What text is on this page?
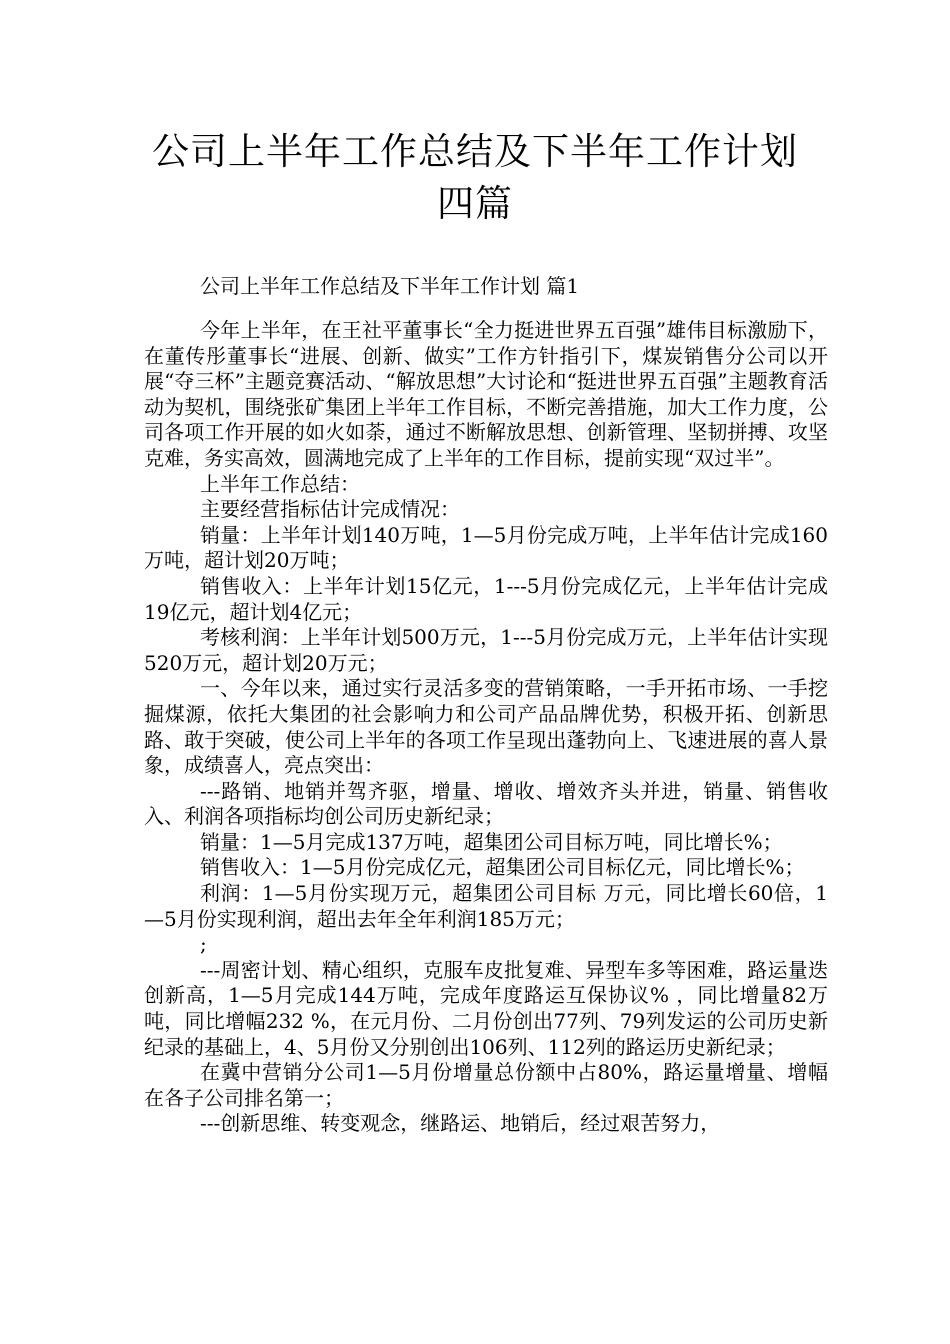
公司上半年工作总结及下半年工作计划四篇
公司上半年工作总结及下半年工作计划 篇1

今年上半年，在王社平董事长“全力挺进世界五百强”雄伟目标激励下，在董传彤董事长“进展、创新、做实”工作方针指引下，煤炭销售分公司以开展“夺三杯”主题竞赛活动、“解放思想”大讨论和“挺进世界五百强”主题教育活动为契机，围绕张矿集团上半年工作目标，不断完善措施，加大工作力度，公司各项工作开展的如火如荼，通过不断解放思想、创新管理、坚韧拼搏、攻坚克难，务实高效，圆满地完成了上半年的工作目标，提前实现“双过半”。

上半年工作总结：

主要经营指标估计完成情况：

销量：上半年计划140万吨，1—5月份完成万吨，上半年估计完成160万吨，超计划20万吨；

销售收入：上半年计划15亿元，1---5月份完成亿元，上半年估计完成19亿元，超计划4亿元；

考核利润：上半年计划500万元，1---5月份完成万元，上半年估计实现520万元，超计划20万元；

一、今年以来，通过实行灵活多变的营销策略，一手开拓市场、一手挖掘煤源，依托大集团的社会影响力和公司产品品牌优势，积极开拓、创新思路、敢于突破，使公司上半年的各项工作呈现出蓬勃向上、飞速进展的喜人景象，成绩喜人，亮点突出：

---路销、地销并驾齐驱，增量、增收、增效齐头并进，销量、销售收入、利润各项指标均创公司历史新纪录；

销量：1—5月完成137万吨，超集团公司目标万吨，同比增长%；

销售收入：1—5月份完成亿元，超集团公司目标亿元，同比增长%；

利润：1—5月份实现万元，超集团公司目标 万元，同比增长60倍，1—5月份实现利润，超出去年全年利润185万元；

;

---周密计划、精心组织，克服车皮批复难、异型车多等困难，路运量迭创新高，1—5月完成144万吨，完成年度路运互保协议% ，同比增量82万吨，同比增幅232 %，在元月份、二月份创出77列、79列发运的公司历史新纪录的基础上，4、5月份又分别创出106列、112列的路运历史新纪录；

在冀中营销分公司1—5月份增量总份额中占80%，路运量增量、增幅在各子公司排名第一；

---创新思维、转变观念，继路运、地销后，经过艰苦努力，
